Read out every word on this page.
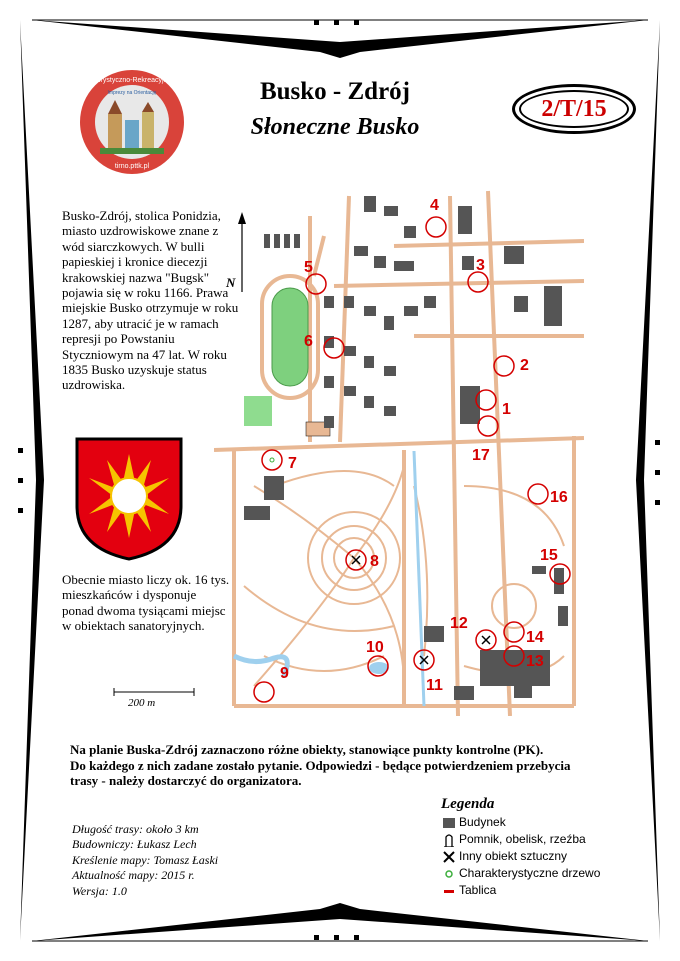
tirno.pttk.pl
Turystyczno-Rekreacyjna
Imprezy na Orientację	Busko - Zdrój
Słoneczne Busko
2/T/15
Busko-Zdrój, stolica Ponidzia, miasto uzdrowiskowe znane z wód siarczkowych. W bulli papieskiej i kronice diecezji krakowskiej nazwa "Bugsk" pojawia się w roku 1166. Prawa miejskie Busko otrzymuje w roku 1287, aby utracić je w ramach represji po Powstaniu Styczniowym na 47 lat. W roku 1835 Busko uzyskuje status uzdrowiska.
N
Obecnie miasto liczy ok. 16 tys. mieszkańców i dysponuje ponad dwoma tysiącami miejsc w obiektach sanatoryjnych.
200 m
4
3
2
1
17
5
6
7
8
9
10
11
12
13
14
15
16
Na planie Buska-Zdrój zaznaczono różne obiekty, stanowiące punkty kontrolne (PK).
Do każdego z nich zadane zostało pytanie. Odpowiedzi - będące potwierdzeniem przebycia
trasy - należy dostarczyć do organizatora.
Legenda
Budynek
Pomnik, obelisk, rzeźba
Inny obiekt sztuczny
Charakterystyczne drzewo
Tablica
Długość trasy: około 3 km
Budowniczy: Łukasz Lech
Kreślenie mapy: Tomasz Łaski
Aktualność mapy: 2015 r.
Wersja: 1.0
